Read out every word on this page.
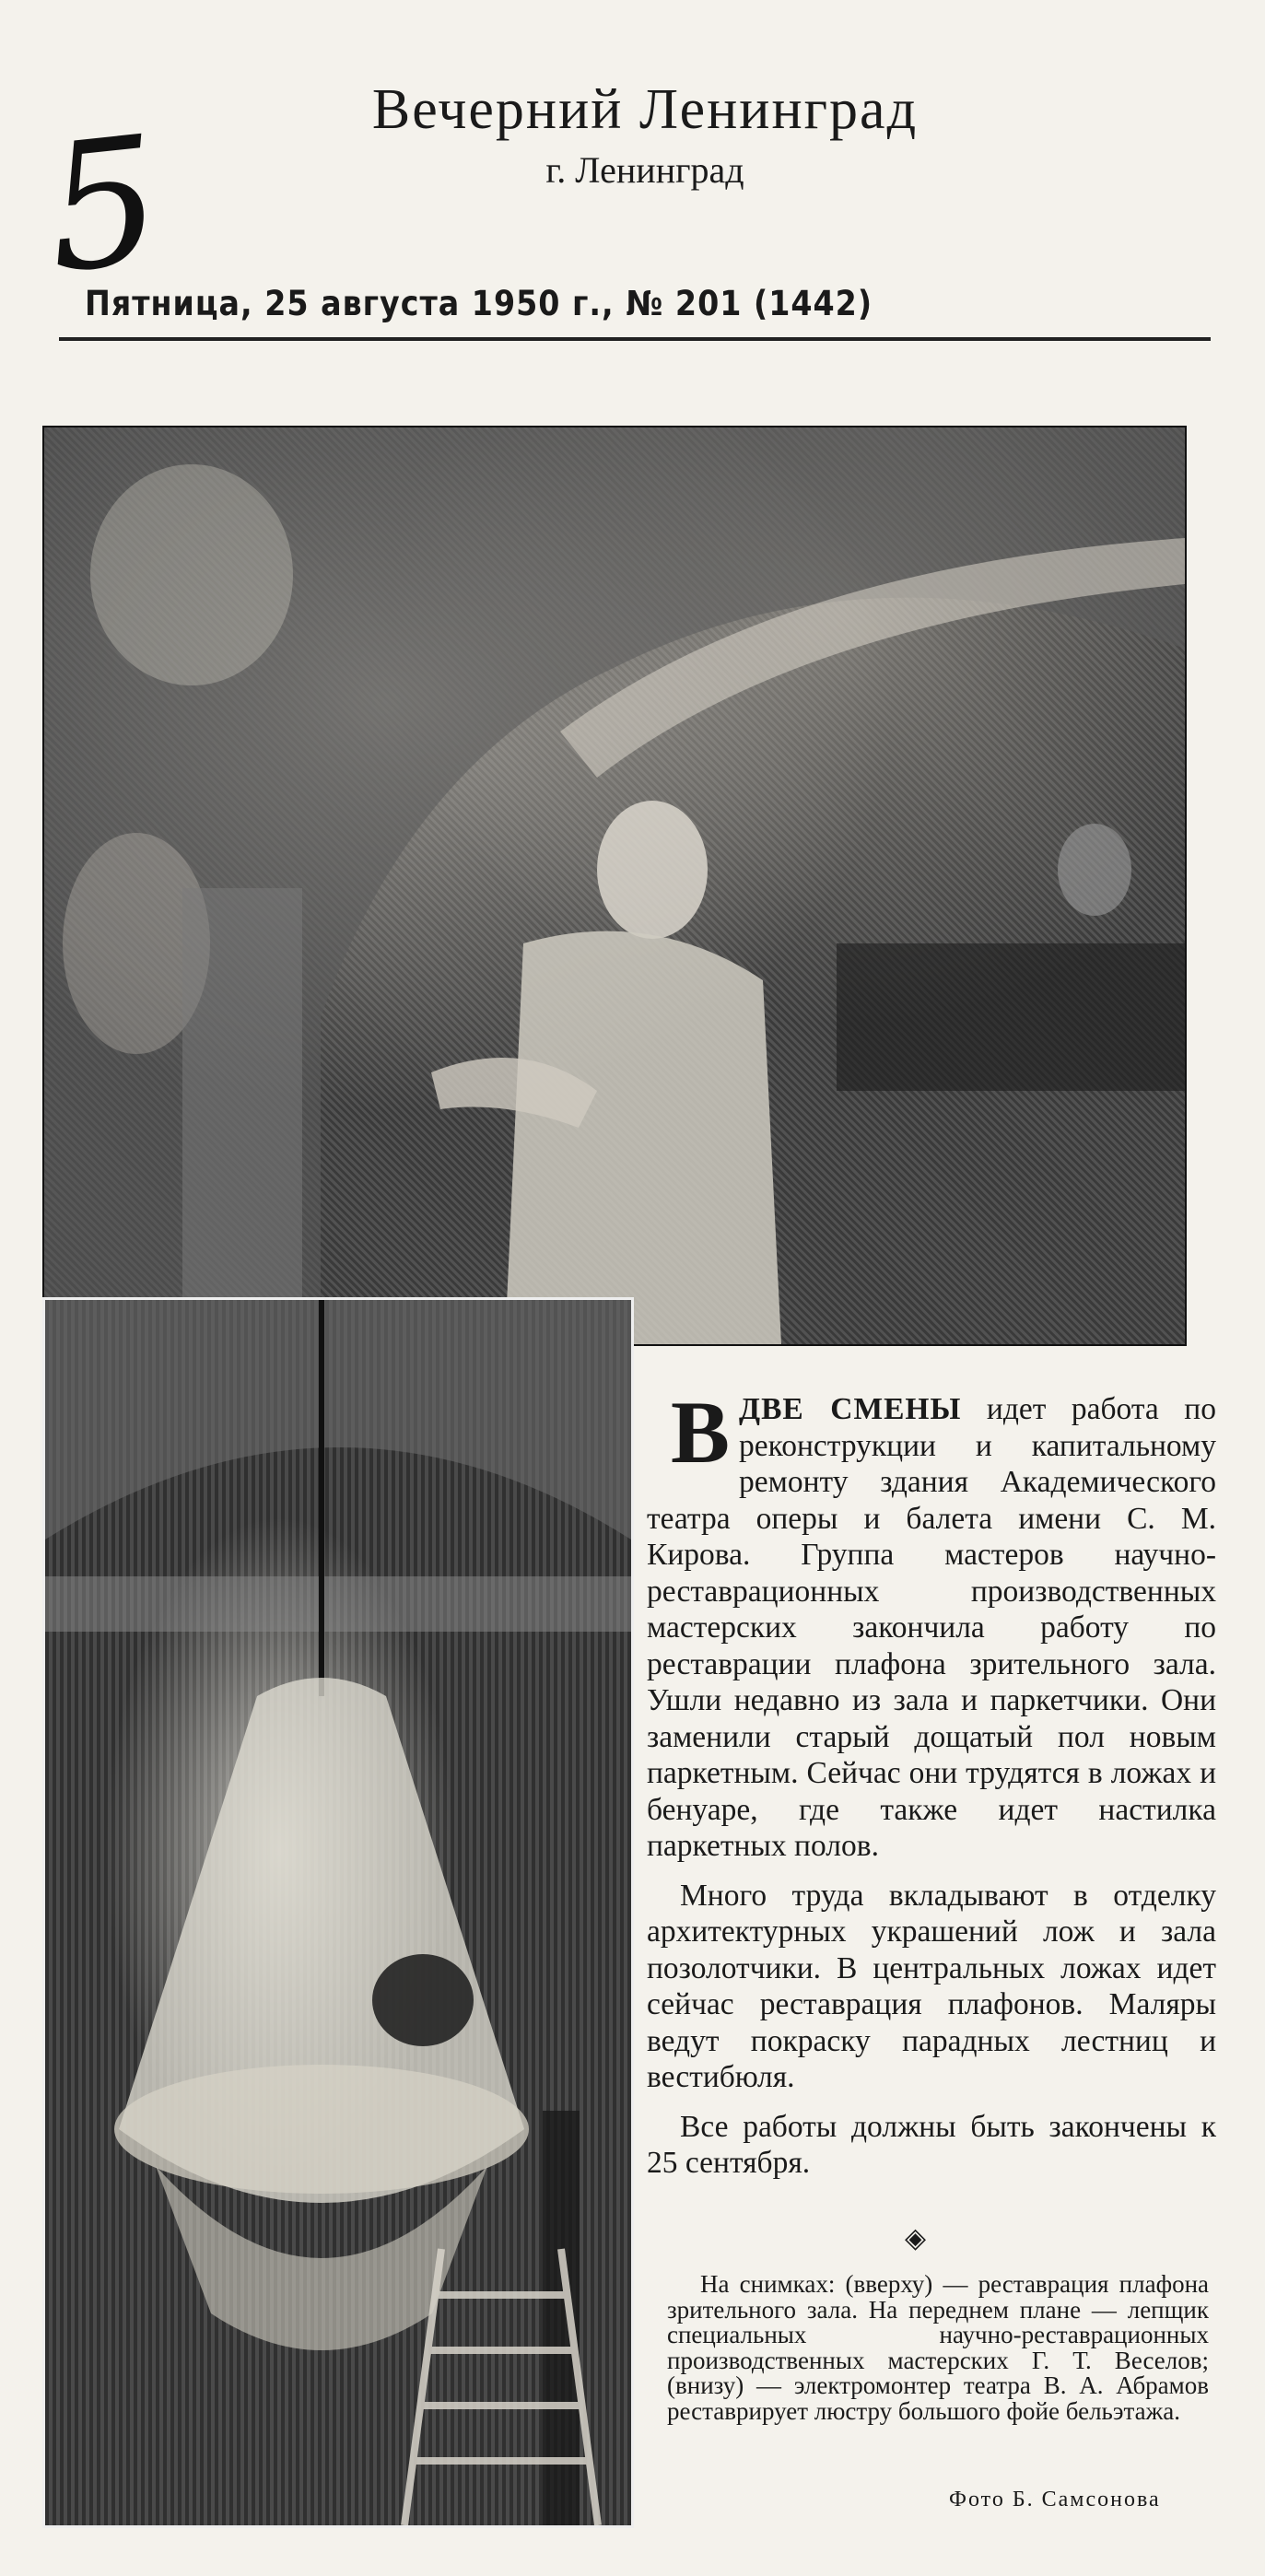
5	Вечерний Ленинград
г. Ленинград
Пятница, 25 августа 1950 г., № 201 (1442)

ВДВЕ СМЕНЫ идет работа по реконструкции и капитальному ремонту здания Академического театра оперы и балета имени С. М. Кирова. Группа мастеров научно-реставрационных производственных мастерских закончила работу по реставрации плафона зрительного зала. Ушли недавно из зала и паркетчики. Они заменили старый дощатый пол новым паркетным. Сейчас они трудятся в ложах и бенуаре, где также идет настилка паркетных полов.

Много труда вкладывают в отделку архитектурных украшений лож и зала позолотчики. В центральных ложах идет сейчас реставрация плафонов. Маляры ведут покраску парадных лестниц и вестибюля.

Все работы должны быть закончены к 25 сентября.

◈

На снимках: (вверху) — реставрация плафона зрительного зала. На переднем плане — лепщик специальных научно-реставрационных производственных мастерских Г. Т. Веселов; (внизу) — электромонтер театра В. А. Абрамов реставрирует люстру большого фойе бельэтажа.

Фото Б. Самсонова
